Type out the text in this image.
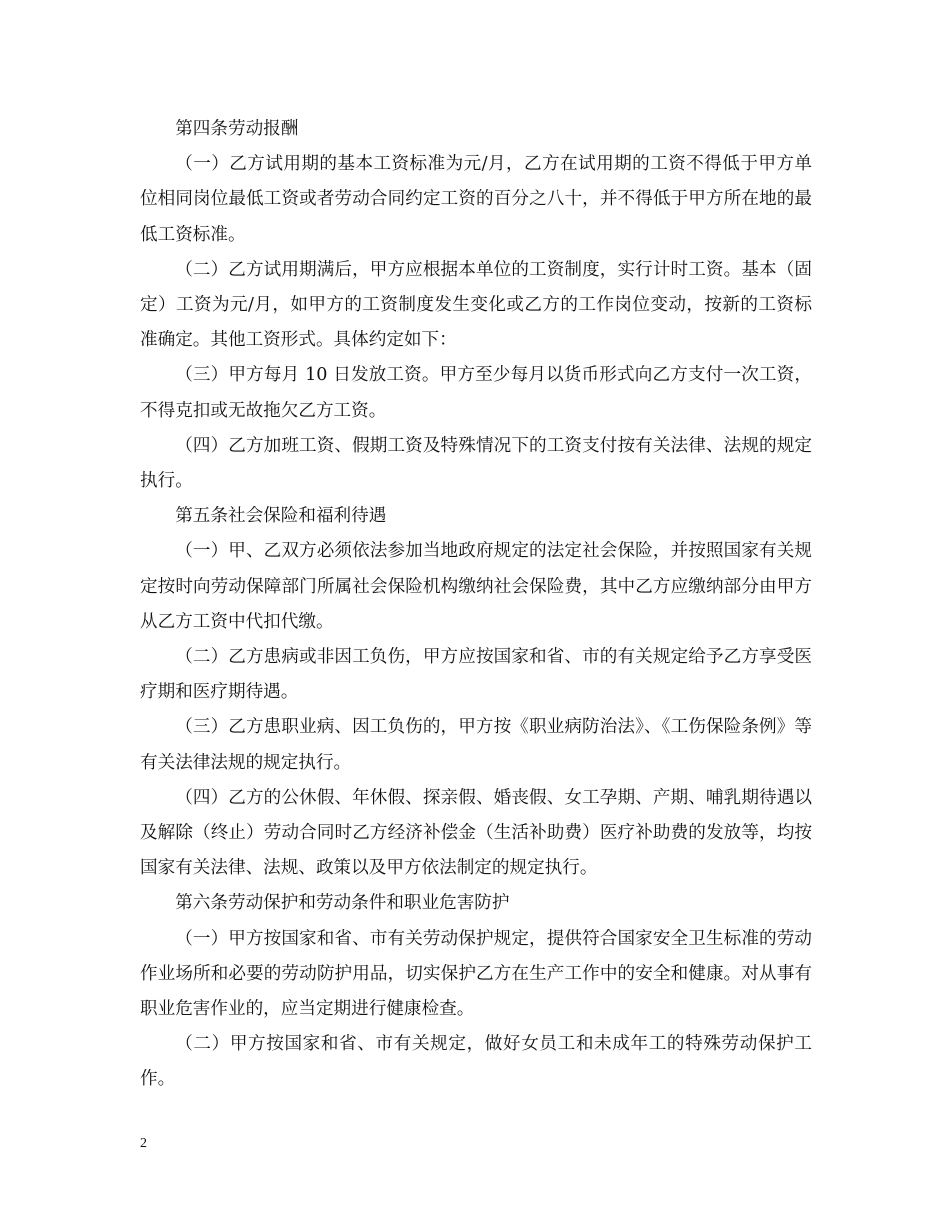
第四条劳动报酬

（一）乙方试用期的基本工资标准为元/月，乙方在试用期的工资不得低于甲方单位相同岗位最低工资或者劳动合同约定工资的百分之八十，并不得低于甲方所在地的最低工资标准。

（二）乙方试用期满后，甲方应根据本单位的工资制度，实行计时工资。基本（固定）工资为元/月，如甲方的工资制度发生变化或乙方的工作岗位变动，按新的工资标准确定。其他工资形式。具体约定如下：

（三）甲方每月 10 日发放工资。甲方至少每月以货币形式向乙方支付一次工资，不得克扣或无故拖欠乙方工资。

（四）乙方加班工资、假期工资及特殊情况下的工资支付按有关法律、法规的规定执行。

第五条社会保险和福利待遇

（一）甲、乙双方必须依法参加当地政府规定的法定社会保险，并按照国家有关规定按时向劳动保障部门所属社会保险机构缴纳社会保险费，其中乙方应缴纳部分由甲方从乙方工资中代扣代缴。

（二）乙方患病或非因工负伤，甲方应按国家和省、市的有关规定给予乙方享受医疗期和医疗期待遇。

（三）乙方患职业病、因工负伤的，甲方按《职业病防治法》、《工伤保险条例》等有关法律法规的规定执行。

（四）乙方的公休假、年休假、探亲假、婚丧假、女工孕期、产期、哺乳期待遇以及解除（终止）劳动合同时乙方经济补偿金（生活补助费）医疗补助费的发放等，均按国家有关法律、法规、政策以及甲方依法制定的规定执行。

第六条劳动保护和劳动条件和职业危害防护

（一）甲方按国家和省、市有关劳动保护规定，提供符合国家安全卫生标准的劳动作业场所和必要的劳动防护用品，切实保护乙方在生产工作中的安全和健康。对从事有职业危害作业的，应当定期进行健康检查。

（二）甲方按国家和省、市有关规定，做好女员工和未成年工的特殊劳动保护工作。

2
